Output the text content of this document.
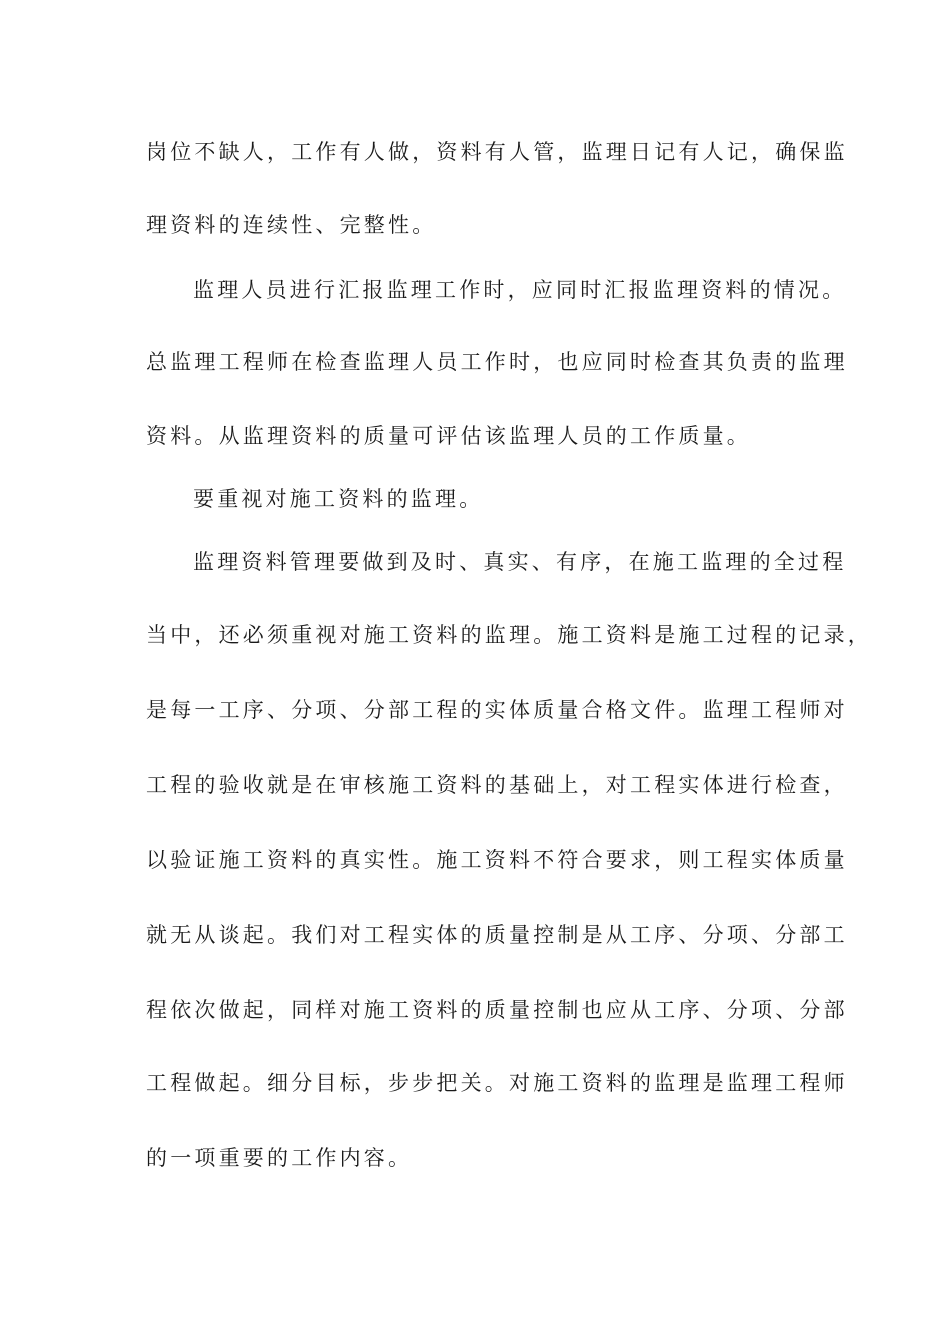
岗位不缺人，工作有人做，资料有人管，监理日记有人记，确保监
理资料的连续性、完整性。
监理人员进行汇报监理工作时，应同时汇报监理资料的情况。
总监理工程师在检查监理人员工作时，也应同时检查其负责的监理
资料。从监理资料的质量可评估该监理人员的工作质量。
要重视对施工资料的监理。
监理资料管理要做到及时、真实、有序，在施工监理的全过程
当中，还必须重视对施工资料的监理。施工资料是施工过程的记录，
是每一工序、分项、分部工程的实体质量合格文件。监理工程师对
工程的验收就是在审核施工资料的基础上，对工程实体进行检查，
以验证施工资料的真实性。施工资料不符合要求，则工程实体质量
就无从谈起。我们对工程实体的质量控制是从工序、分项、分部工
程依次做起，同样对施工资料的质量控制也应从工序、分项、分部
工程做起。细分目标，步步把关。对施工资料的监理是监理工程师
的一项重要的工作内容。
